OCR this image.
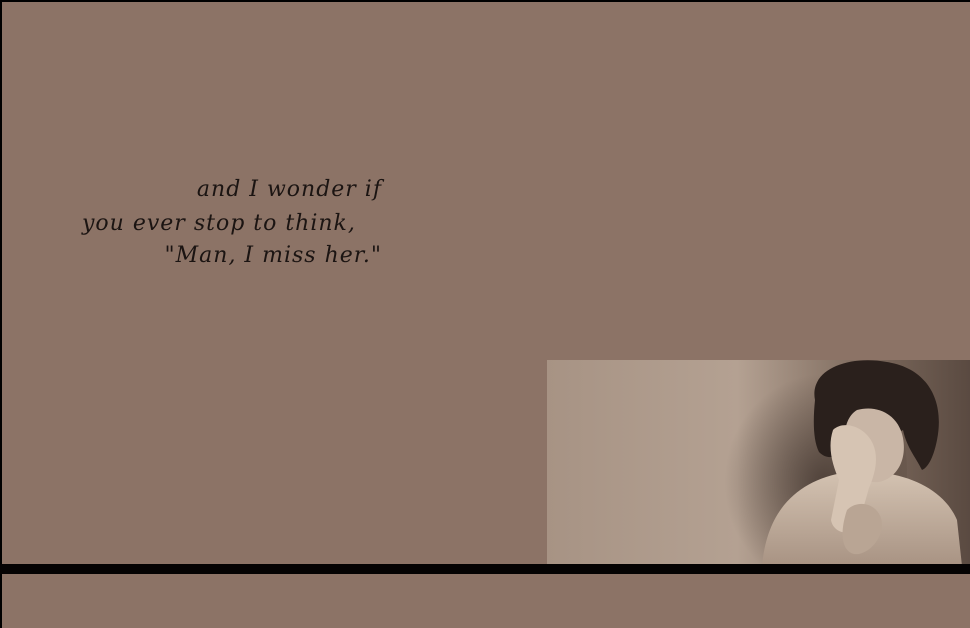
and I wonder if
you ever stop to think,
"Man, I miss her."
